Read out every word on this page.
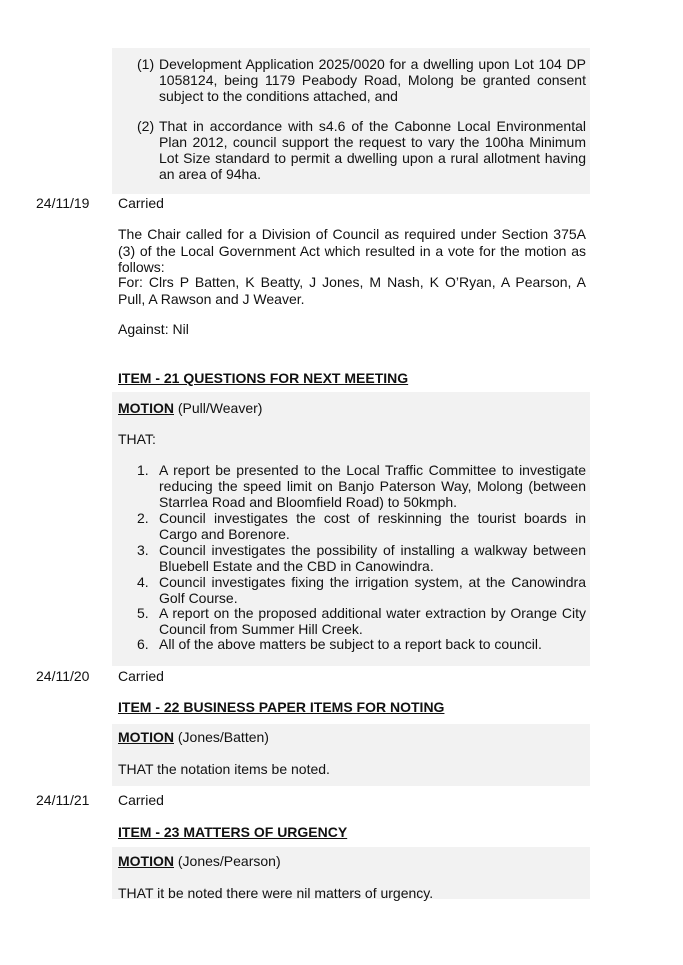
(1) Development Application 2025/0020 for a dwelling upon Lot 104 DP 1058124, being 1179 Peabody Road, Molong be granted consent subject to the conditions attached, and
(2) That in accordance with s4.6 of the Cabonne Local Environmental Plan 2012, council support the request to vary the 100ha Minimum Lot Size standard to permit a dwelling upon a rural allotment having an area of 94ha.

24/11/19 Carried

The Chair called for a Division of Council as required under Section 375A (3) of the Local Government Act which resulted in a vote for the motion as follows:

For: Clrs P Batten, K Beatty, J Jones, M Nash, K O’Ryan, A Pearson, A Pull, A Rawson and J Weaver.

Against: Nil

ITEM - 21 QUESTIONS FOR NEXT MEETING

MOTION (Pull/Weaver)

THAT:

1. A report be presented to the Local Traffic Committee to investigate reducing the speed limit on Banjo Paterson Way, Molong (between Starrlea Road and Bloomfield Road) to 50kmph.
2. Council investigates the cost of reskinning the tourist boards in Cargo and Borenore.
3. Council investigates the possibility of installing a walkway between Bluebell Estate and the CBD in Canowindra.
4. Council investigates fixing the irrigation system, at the Canowindra Golf Course.
5. A report on the proposed additional water extraction by Orange City Council from Summer Hill Creek.
6. All of the above matters be subject to a report back to council.

24/11/20 Carried

ITEM - 22 BUSINESS PAPER ITEMS FOR NOTING

MOTION (Jones/Batten)

THAT the notation items be noted.

24/11/21 Carried

ITEM - 23 MATTERS OF URGENCY

MOTION (Jones/Pearson)

THAT it be noted there were nil matters of urgency.
